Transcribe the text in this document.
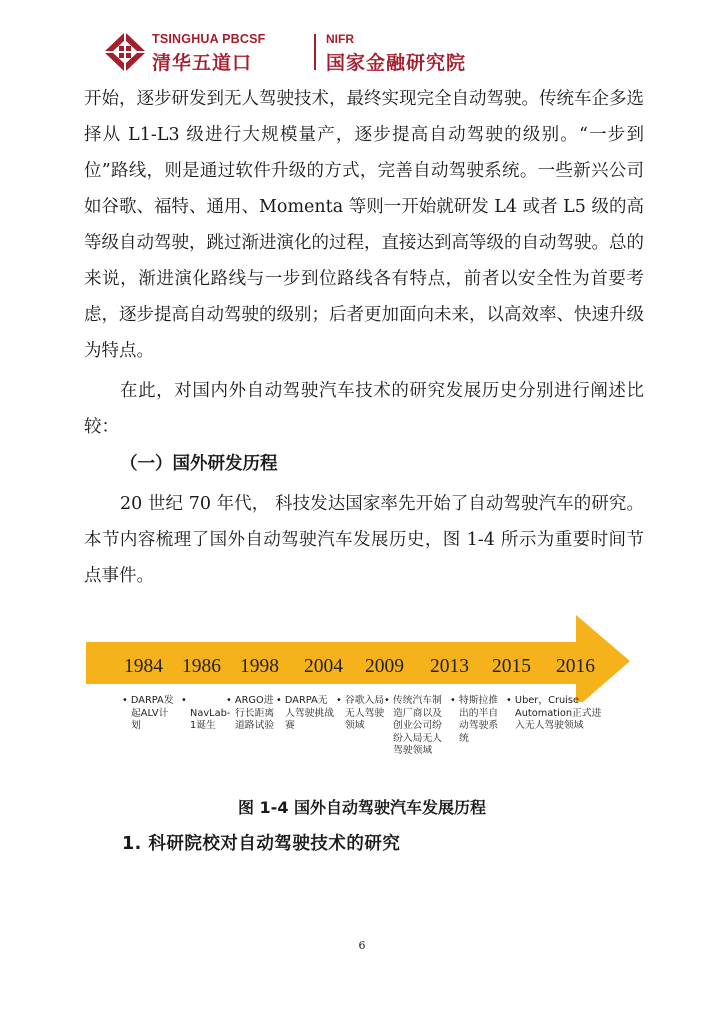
TSINGHUA PBCSF
清华五道口
NIFR
国家金融研究院

开始，逐步研发到无人驾驶技术，最终实现完全自动驾驶。传统车企多选择从 L1-L3 级进行大规模量产，逐步提高自动驾驶的级别。“一步到位”路线，则是通过软件升级的方式，完善自动驾驶系统。一些新兴公司如谷歌、福特、通用、Momenta 等则一开始就研发 L4 或者 L5 级的高等级自动驾驶，跳过渐进演化的过程，直接达到高等级的自动驾驶。总的来说，渐进演化路线与一步到位路线各有特点，前者以安全性为首要考虑，逐步提高自动驾驶的级别；后者更加面向未来，以高效率、快速升级为特点。

在此，对国内外自动驾驶汽车技术的研究发展历史分别进行阐述比较：

（一）国外研发历程

20 世纪 70 年代， 科技发达国家率先开始了自动驾驶汽车的研究。本节内容梳理了国外自动驾驶汽车发展历史，图 1-4 所示为重要时间节点事件。

1984 1986 1998 2004 2009 2013 2015 2016
• DARPA发起ALV计划
• NavLab-1诞生
• ARGO进行长距离道路试验
• DARPA无人驾驶挑战赛
• 谷歌入局无人驾驶领域
• 传统汽车制造厂商以及创业公司纷纷入局无人驾驶领域
• 特斯拉推出的半自动驾驶系统
• Uber，Cruise Automation正式进入无人驾驶领域

图 1-4 国外自动驾驶汽车发展历程

1. 科研院校对自动驾驶技术的研究
6
